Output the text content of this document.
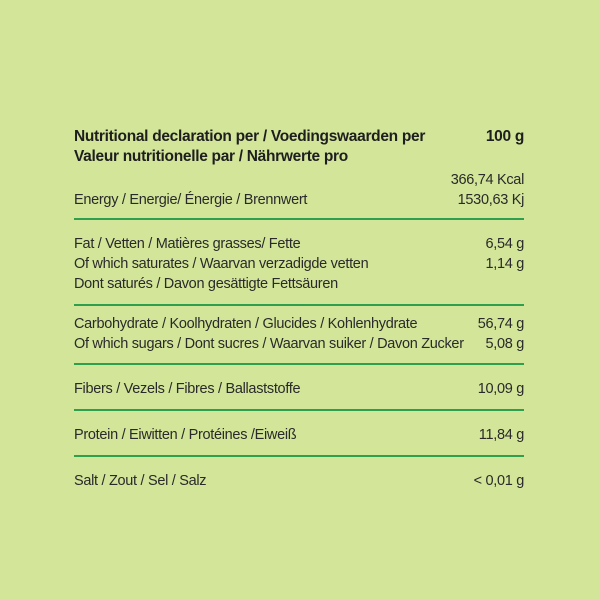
Nutritional declaration per / Voedingswaarden per
Valeur nutritionelle par / Nährwerte pro
100 g
366,74 Kcal
Energy / Energie/ Énergie / Brennwert	1530,63 Kj
Fat / Vetten / Matières grasses/ Fette	6,54 g
Of which saturates / Waarvan verzadigde vetten	1,14 g
Dont saturés / Davon gesättigte Fettsäuren
Carbohydrate / Koolhydraten / Glucides / Kohlenhydrate	56,74 g
Of which sugars / Dont sucres / Waarvan suiker / Davon Zucker 5,08 g
Fibers / Vezels / Fibres / Ballaststoffe	10,09 g
Protein / Eiwitten / Protéines /Eiweiß	11,84 g
Salt / Zout / Sel / Salz	< 0,01 g
